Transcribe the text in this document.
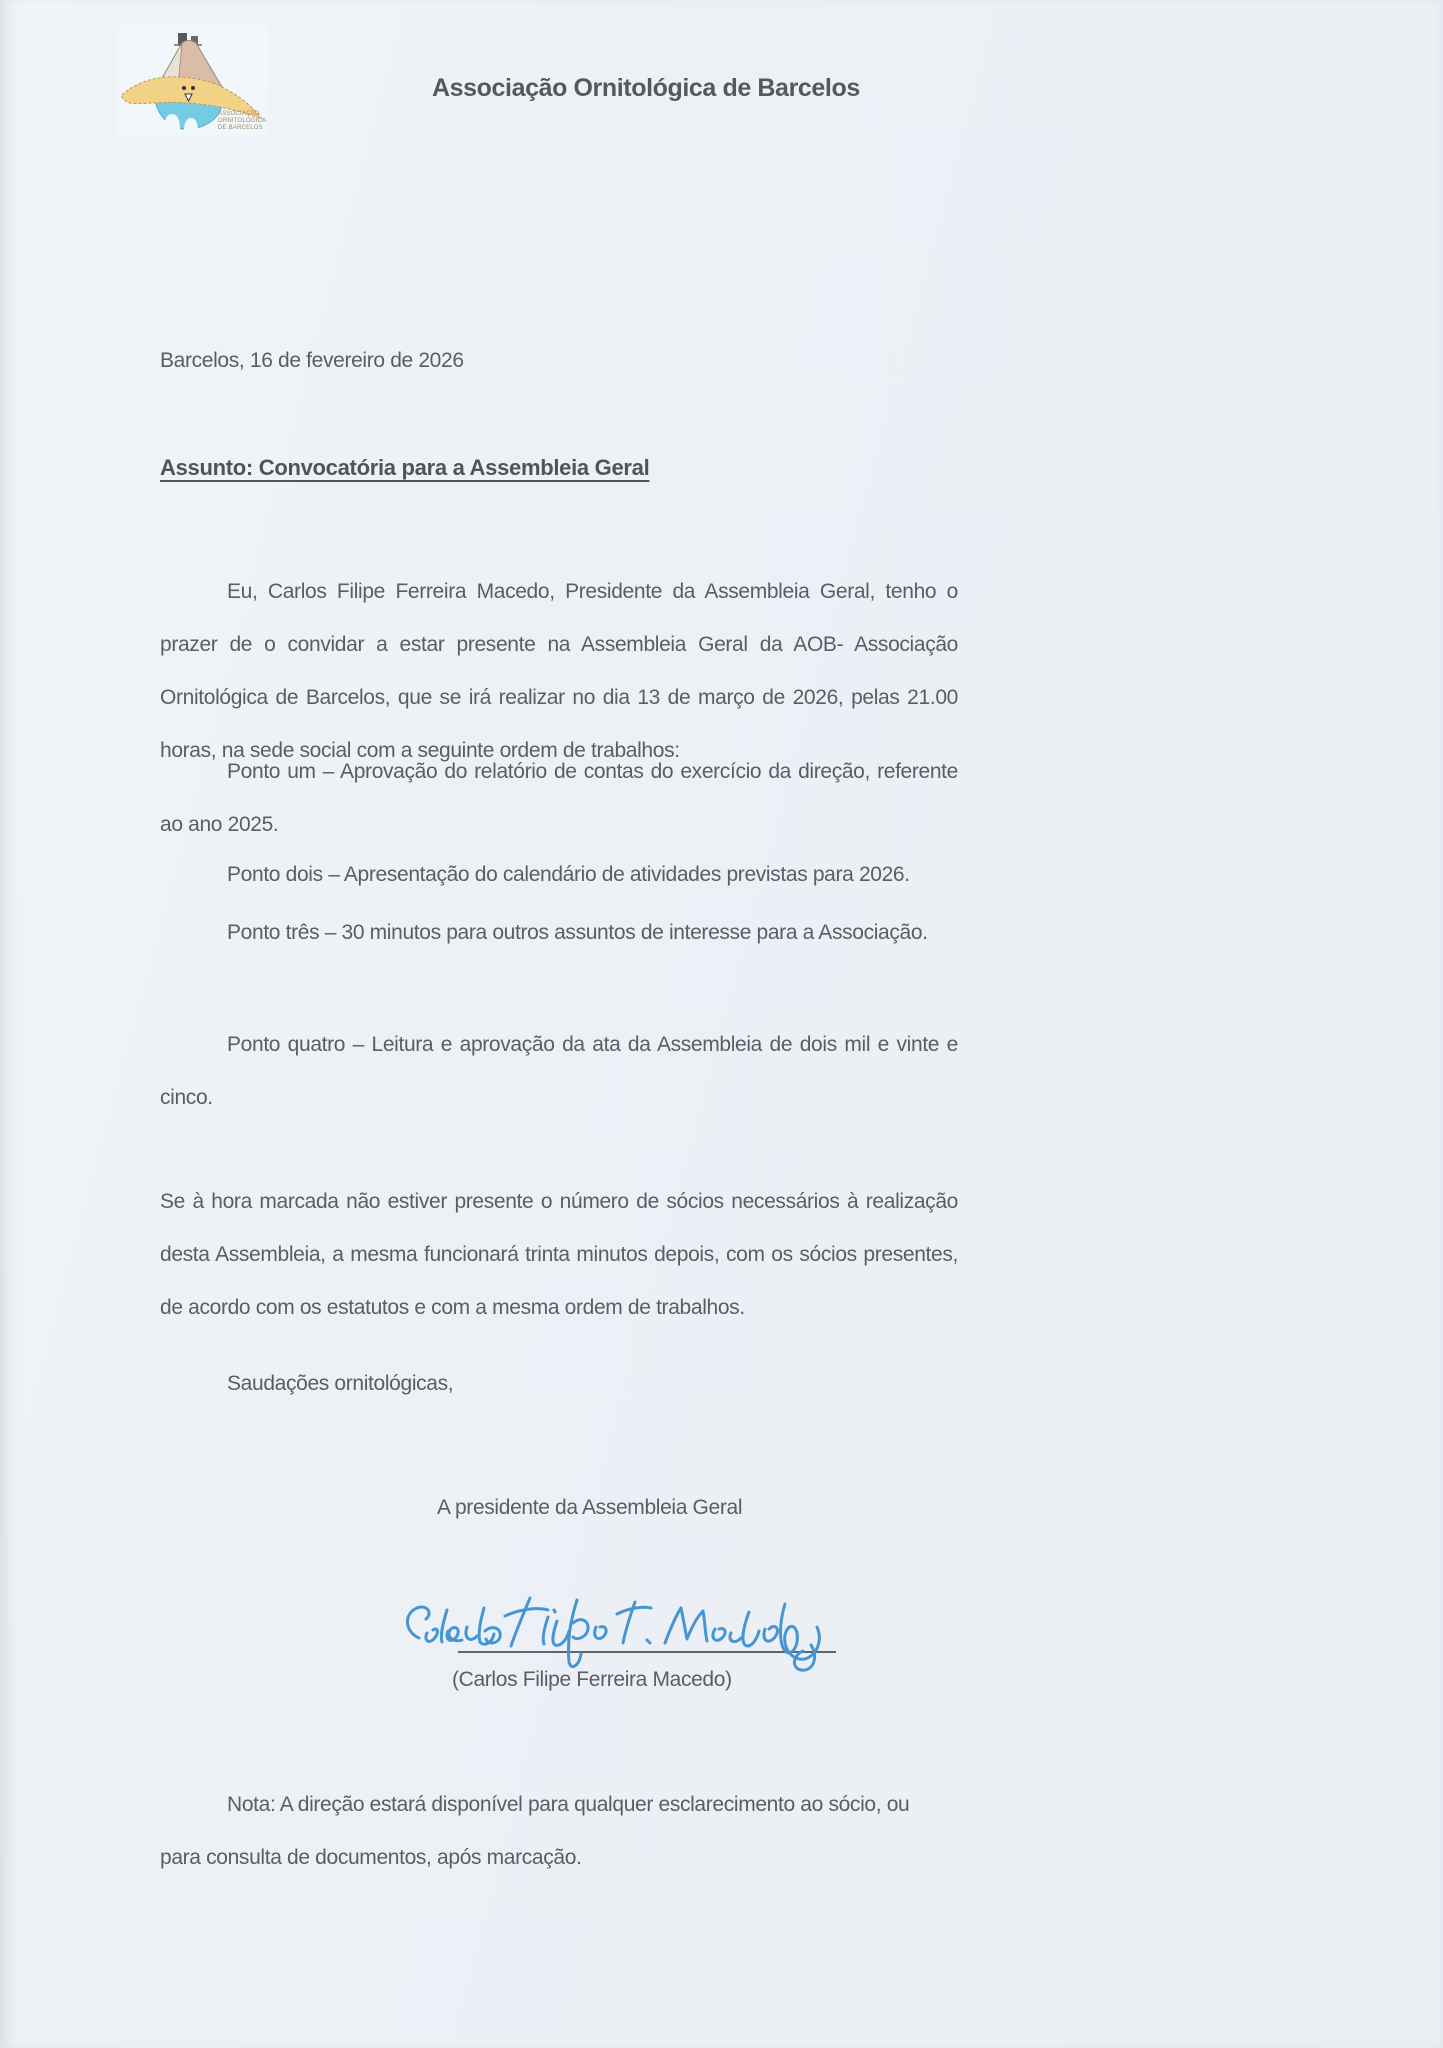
ASSOCIAÇÃO
ORNITOLÓGICA
DE BARCELOS
Associação Ornitológica de Barcelos
Barcelos, 16 de fevereiro de 2026
Assunto: Convocatória para a Assembleia Geral
Eu, Carlos Filipe Ferreira Macedo, Presidente da Assembleia Geral, tenho o
prazer de o convidar a estar presente na Assembleia Geral da AOB- Associação
Ornitológica de Barcelos, que se irá realizar no dia 13 de março de 2026, pelas 21.00
horas, na sede social com a seguinte ordem de trabalhos:
Ponto um – Aprovação do relatório de contas do exercício da direção, referente
ao ano 2025.
Ponto dois – Apresentação do calendário de atividades previstas para 2026.
Ponto três – 30 minutos para outros assuntos de interesse para a Associação.
Ponto quatro – Leitura e aprovação da ata da Assembleia de dois mil e vinte e
cinco.
Se à hora marcada não estiver presente o número de sócios necessários à realização
desta Assembleia, a mesma funcionará trinta minutos depois, com os sócios presentes,
de acordo com os estatutos e com a mesma ordem de trabalhos.
Saudações ornitológicas,
A presidente da Assembleia Geral
(Carlos Filipe Ferreira Macedo)
Nota: A direção estará disponível para qualquer esclarecimento ao sócio, ou
para consulta de documentos, após marcação.
